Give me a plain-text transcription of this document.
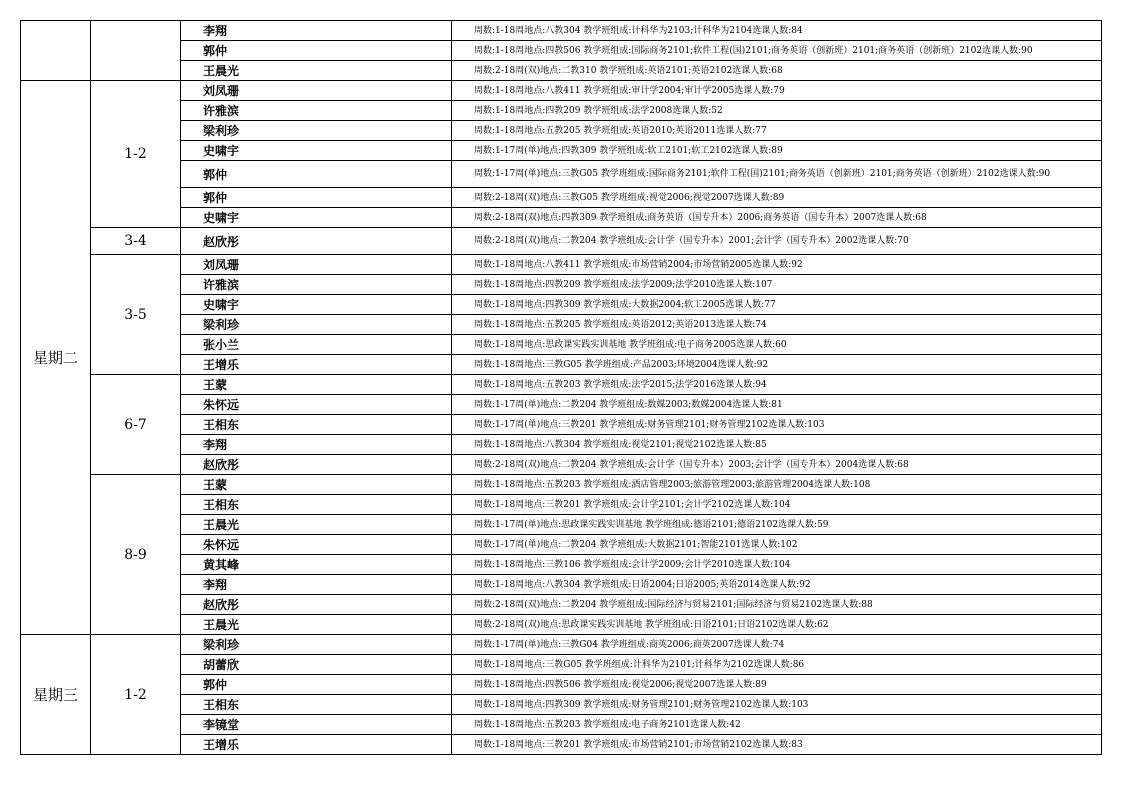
		李翔	周数:1-18周地点:八教304 教学班组成:计科华为2103;计科华为2104选课人数:84
		郭仲	周数:1-18周地点:四教506 教学班组成:国际商务2101;软件工程(国)2101;商务英语（创新班）2101;商务英语（创新班）2102选课人数:90
		王晨光	周数:2-18周(双)地点:二教310 教学班组成:英语2101;英语2102选课人数:68
星期二	1-2	刘凤珊	周数:1-18周地点:八教411 教学班组成:审计学2004;审计学2005选课人数:79
		许雅滨	周数:1-18周地点:四教209 教学班组成:法学2008选课人数:52
		梁利珍	周数:1-18周地点:五教205 教学班组成:英语2010;英语2011选课人数:77
		史啸宇	周数:1-17周(单)地点:四教309 教学班组成:软工2101;软工2102选课人数:89
		郭仲	周数:1-17周(单)地点:三教G05 教学班组成:国际商务2101;软件工程(国)2101;商务英语（创新班）2101;商务英语（创新班）2102选课人数:90
		郭仲	周数:2-18周(双)地点:三教G05 教学班组成:视觉2006;视觉2007选课人数:89
		史啸宇	周数:2-18周(双)地点:四教309 教学班组成:商务英语（国专升本）2006;商务英语（国专升本）2007选课人数:68
	3-4	赵欣彤	周数:2-18周(双)地点:二教204 教学班组成:会计学（国专升本）2001;会计学（国专升本）2002选课人数:70
	3-5	刘凤珊	周数:1-18周地点:八教411 教学班组成:市场营销2004;市场营销2005选课人数:92
		许雅滨	周数:1-18周地点:四教209 教学班组成:法学2009;法学2010选课人数:107
		史啸宇	周数:1-18周地点:四教309 教学班组成:大数据2004;软工2005选课人数:77
		梁利珍	周数:1-18周地点:五教205 教学班组成:英语2012;英语2013选课人数:74
		张小兰	周数:1-18周地点:思政课实践实训基地 教学班组成:电子商务2005选课人数:60
		王增乐	周数:1-18周地点:三教G05 教学班组成:产品2003;环境2004选课人数:92
	6-7	王蒙	周数:1-18周地点:五教203 教学班组成:法学2015;法学2016选课人数:94
		朱怀远	周数:1-17周(单)地点:二教204 教学班组成:数媒2003;数媒2004选课人数:81
		王相东	周数:1-17周(单)地点:三教201 教学班组成:财务管理2101;财务管理2102选课人数:103
		李翔	周数:1-18周地点:八教304 教学班组成:视觉2101;视觉2102选课人数:85
		赵欣彤	周数:2-18周(双)地点:二教204 教学班组成:会计学（国专升本）2003;会计学（国专升本）2004选课人数:68
	8-9	王蒙	周数:1-18周地点:五教203 教学班组成:酒店管理2003;旅游管理2003;旅游管理2004选课人数:108
		王相东	周数:1-18周地点:三教201 教学班组成:会计学2101;会计学2102选课人数:104
		王晨光	周数:1-17周(单)地点:思政课实践实训基地 教学班组成:德语2101;德语2102选课人数:59
		朱怀远	周数:1-17周(单)地点:二教204 教学班组成:大数据2101;智能2101选课人数:102
		黄其峰	周数:1-18周地点:三教106 教学班组成:会计学2009;会计学2010选课人数:104
		李翔	周数:1-18周地点:八教304 教学班组成:日语2004;日语2005;英语2014选课人数:92
		赵欣彤	周数:2-18周(双)地点:二教204 教学班组成:国际经济与贸易2101;国际经济与贸易2102选课人数:88
		王晨光	周数:2-18周(双)地点:思政课实践实训基地 教学班组成:日语2101;日语2102选课人数:62
星期三	1-2	梁利珍	周数:1-17周(单)地点:三教G04 教学班组成:商英2006;商英2007选课人数:74
		胡蕾欣	周数:1-18周地点:三教G05 教学班组成:计科华为2101;计科华为2102选课人数:86
		郭仲	周数:1-18周地点:四教506 教学班组成:视觉2006;视觉2007选课人数:89
		王相东	周数:1-18周地点:四教309 教学班组成:财务管理2101;财务管理2102选课人数:103
		李镜堂	周数:1-18周地点:五教203 教学班组成:电子商务2101选课人数:42
		王增乐	周数:1-18周地点:三教201 教学班组成:市场营销2101;市场营销2102选课人数:83
